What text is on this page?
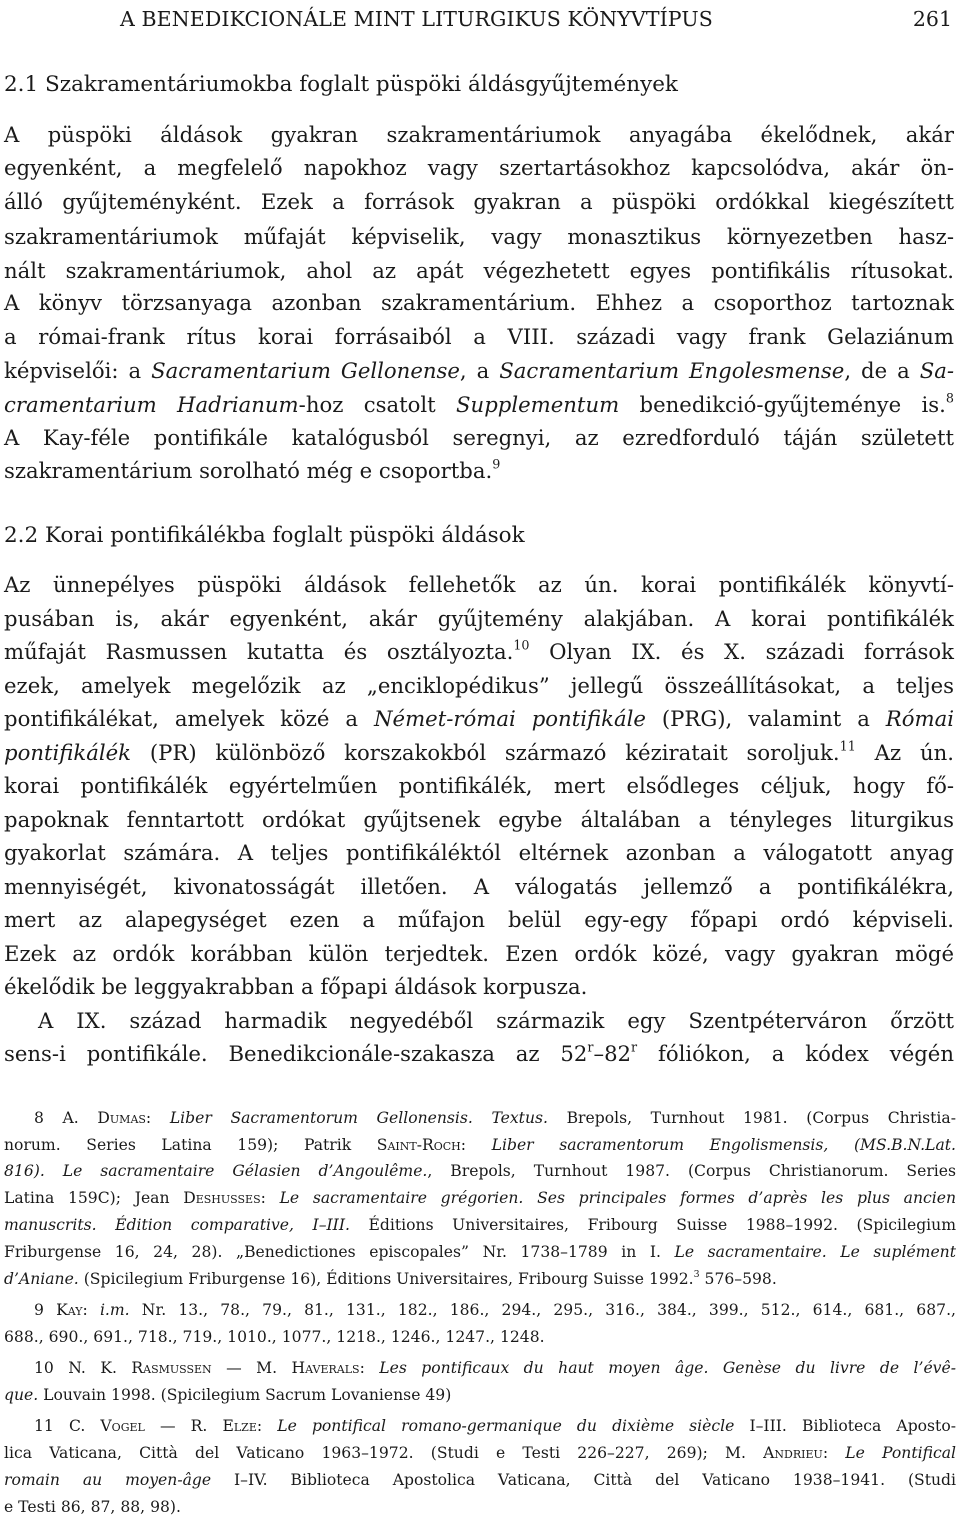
A BENEDIKCIONÁLE MINT LITURGIKUS KÖNYVTÍPUS	261
2.1 Szakramentáriumokba foglalt püspöki áldásgyűjtemények
A püspöki áldások gyakran szakramentáriumok anyagába ékelődnek, akár
egyenként, a megfelelő napokhoz vagy szertartásokhoz kapcsolódva, akár ön-
álló gyűjteményként. Ezek a források gyakran a püspöki ordókkal kiegészített
szakramentáriumok műfaját képviselik, vagy monasztikus környezetben hasz-
nált szakramentáriumok, ahol az apát végezhetett egyes pontifikális rítusokat.
A könyv törzsanyaga azonban szakramentárium. Ehhez a csoporthoz tartoznak
a római-frank rítus korai forrásaiból a VIII. századi vagy frank Gelaziánum
képviselői: a Sacramentarium Gellonense, a Sacramentarium Engolesmense, de a Sa-
cramentarium Hadrianum-hoz csatolt Supplementum benedikció-gyűjteménye is.$^8$
A Kay-féle pontifikále katalógusból seregnyi, az ezredforduló táján született
szakramentárium sorolható még e csoportba.$^9$
2.2 Korai pontifikálékba foglalt püspöki áldások
Az ünnepélyes püspöki áldások fellehetők az ún. korai pontifikálék könyvtí-
pusában is, akár egyenként, akár gyűjtemény alakjában. A korai pontifikálék
műfaját Rasmussen kutatta és osztályozta.$^{10}$ Olyan IX. és X. századi források
ezek, amelyek megelőzik az „enciklopédikus” jellegű összeállításokat, a teljes
pontifikálékat, amelyek közé a Német-római pontifikále (PRG), valamint a Római
pontifikálék (PR) különböző korszakokból származó kéziratait soroljuk.$^{11}$ Az ún.
korai pontifikálék egyértelműen pontifikálék, mert elsődleges céljuk, hogy fő-
papoknak fenntartott ordókat gyűjtsenek egybe általában a tényleges liturgikus
gyakorlat számára. A teljes pontifikáléktól eltérnek azonban a válogatott anyag
mennyiségét, kivonatosságát illetően. A válogatás jellemző a pontifikálékra,
mert az alapegységet ezen a műfajon belül egy-egy főpapi ordó képviseli.
Ezek az ordók korábban külön terjedtek. Ezen ordók közé, vagy gyakran mögé
ékelődik be leggyakrabban a főpapi áldások korpusza.
A IX. század harmadik negyedéből származik egy Szentpéterváron őrzött
sens-i pontifikále. Benedikcionále-szakasza az 52$^r$–82$^r$ fóliókon, a kódex végén
8 A. Dumas: Liber Sacramentorum Gellonensis. Textus. Brepols, Turnhout 1981. (Corpus Christia-
norum. Series Latina 159); Patrik Saint-Roch: Liber sacramentorum Engolismensis, (MS.B.N.Lat.
816). Le sacramentaire Gélasien d’Angoulême., Brepols, Turnhout 1987. (Corpus Christianorum. Series
Latina 159C); Jean Deshusses: Le sacramentaire grégorien. Ses principales formes d’après les plus ancien
manuscrits. Édition comparative, I–III. Éditions Universitaires, Fribourg Suisse 1988–1992. (Spicilegium
Friburgense 16, 24, 28). „Benedictiones episcopales” Nr. 1738–1789 in I. Le sacramentaire. Le suplément
d’Aniane. (Spicilegium Friburgense 16), Éditions Universitaires, Fribourg Suisse 1992.$^3$ 576–598.
9 Kay: i.m. Nr. 13., 78., 79., 81., 131., 182., 186., 294., 295., 316., 384., 399., 512., 614., 681., 687.,
688., 690., 691., 718., 719., 1010., 1077., 1218., 1246., 1247., 1248.
10 N. K. Rasmussen — M. Haverals: Les pontificaux du haut moyen âge. Genèse du livre de l’évê-
que. Louvain 1998. (Spicilegium Sacrum Lovaniense 49)
11 C. Vogel — R. Elze: Le pontifical romano-germanique du dixième siècle I–III. Biblioteca Aposto-
lica Vaticana, Città del Vaticano 1963–1972. (Studi e Testi 226–227, 269); M. Andrieu: Le Pontifical
romain au moyen-âge I–IV. Biblioteca Apostolica Vaticana, Città del Vaticano 1938–1941. (Studi
e Testi 86, 87, 88, 98).
